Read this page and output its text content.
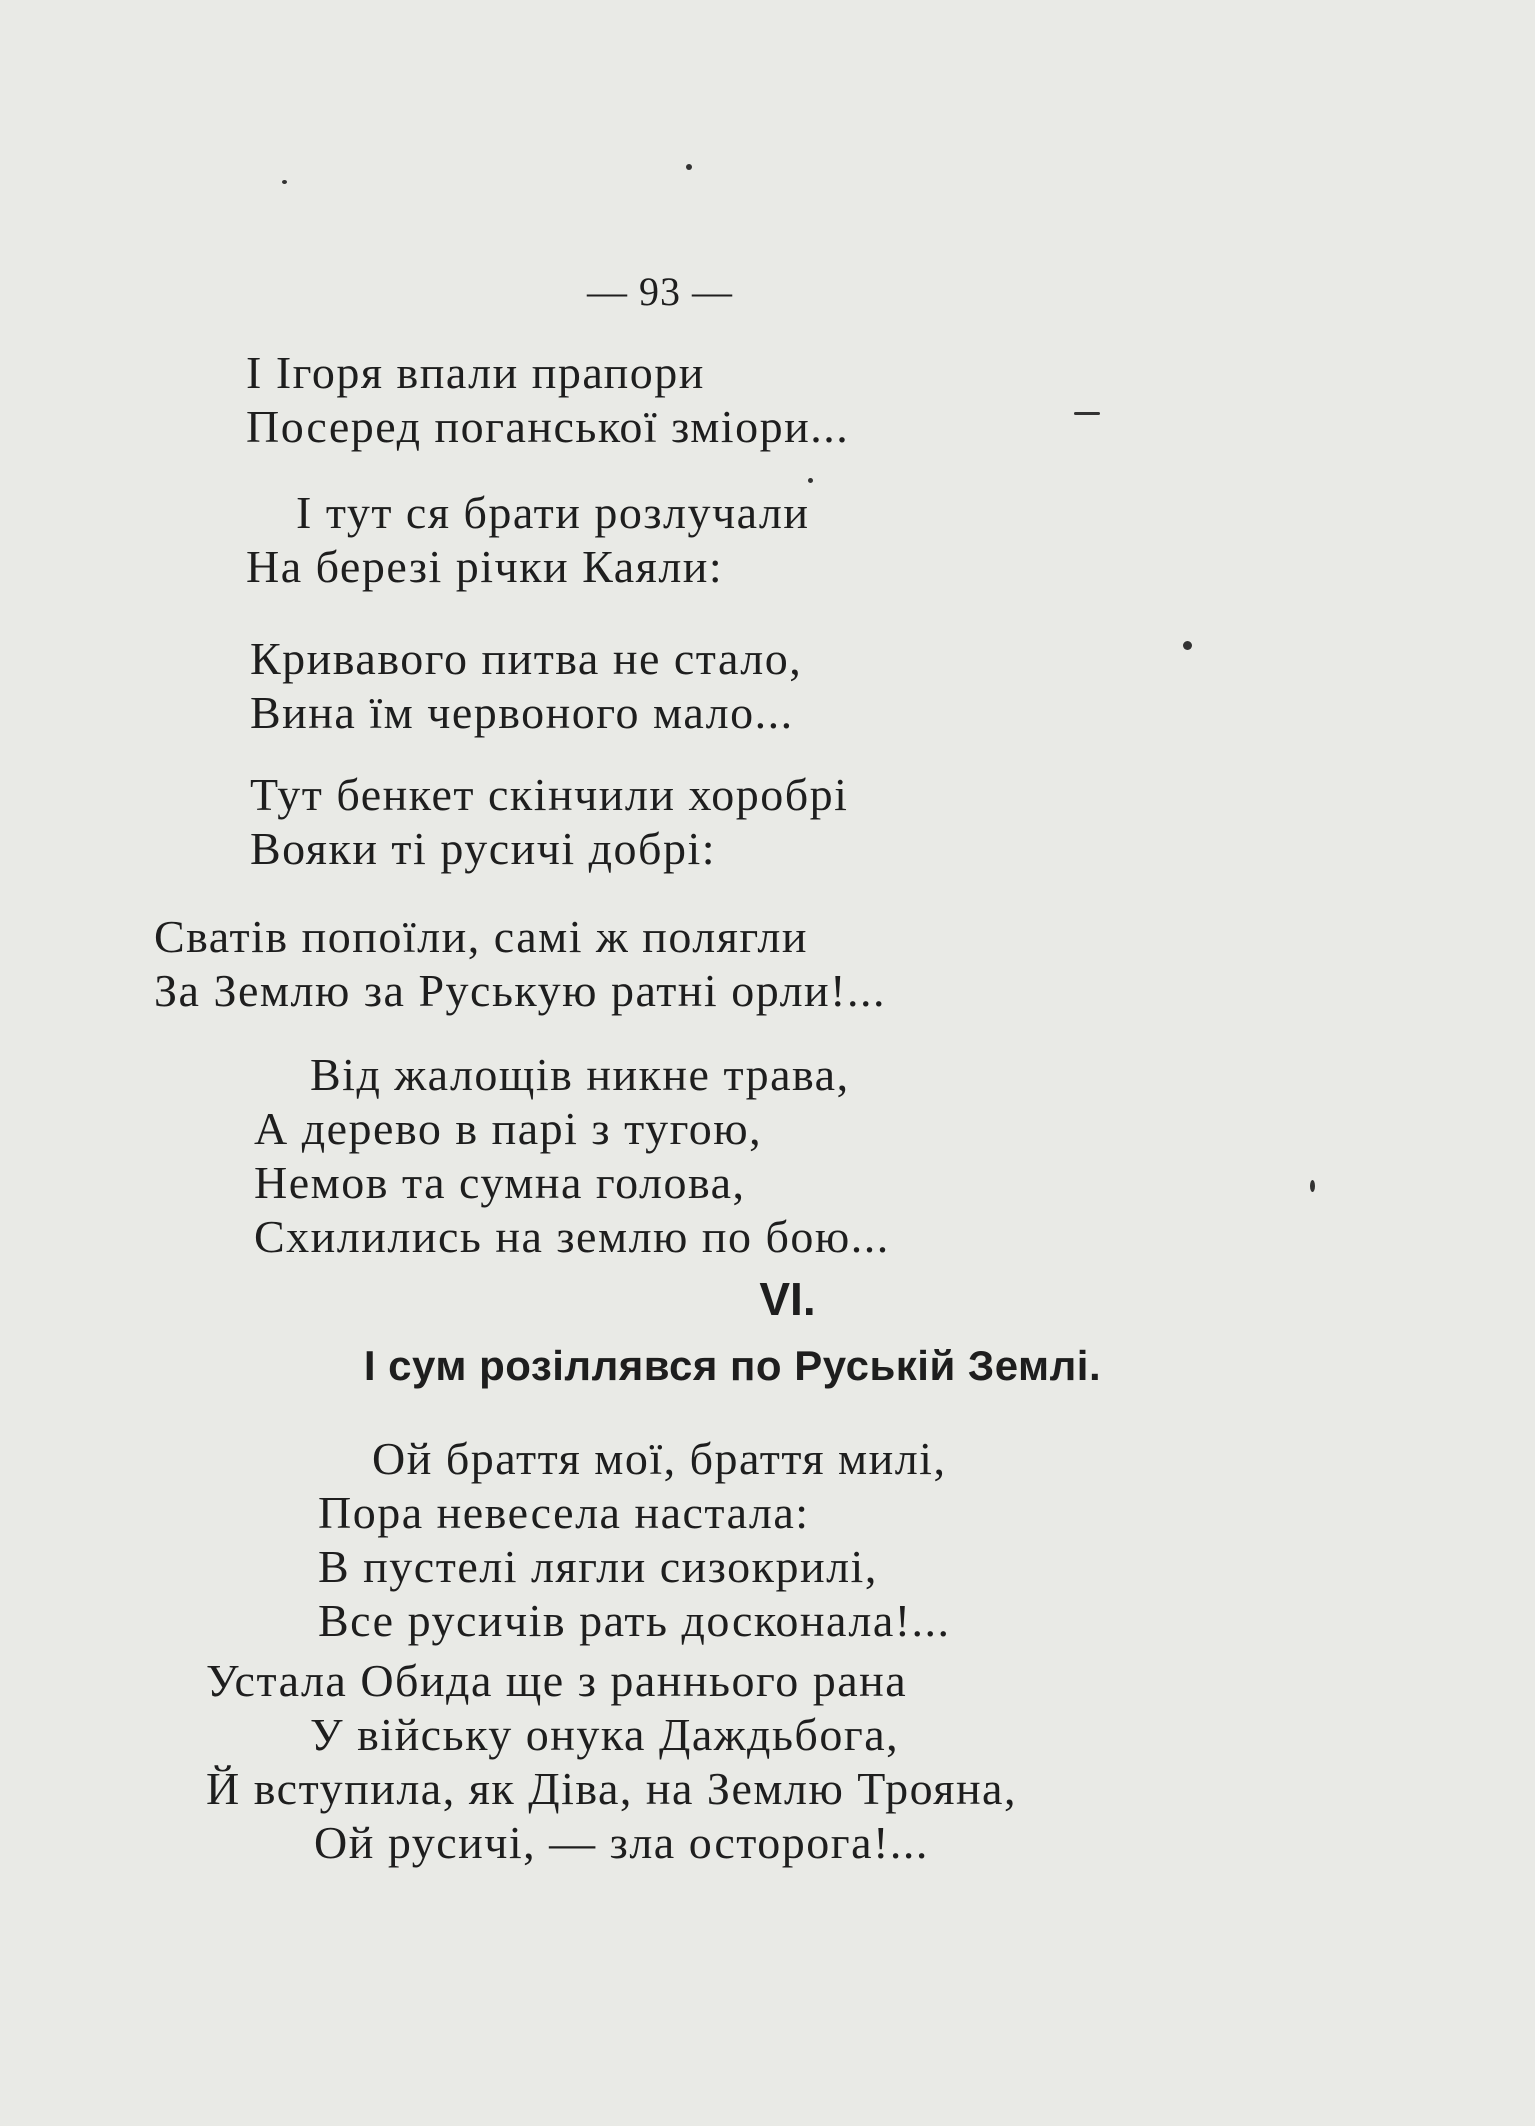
— 93 —
І Ігоря впали прапори
Посеред поганської зміори...
І тут ся брати розлучали
На березі річки Каяли:
Кривавого питва не стало,
Вина їм червоного мало...
Тут бенкет скінчили хоробрі
Вояки ті русичі добрі:
Сватів попоїли, самі ж полягли
За Землю за Руськую ратні орли!...
Від жалощів никне трава,
А дерево в парі з тугою,
Немов та сумна голова,
Схилились на землю по бою...
VI.
І сум розіллявся по Руській Землі.
Ой браття мої, браття милі,
Пора невесела настала:
В пустелі лягли сизокрилі,
Все русичів рать досконала!...
Устала Обида ще з раннього рана
У війську онука Даждьбога,
Й вступила, як Діва, на Землю Трояна,
Ой русичі, — зла осторога!...
